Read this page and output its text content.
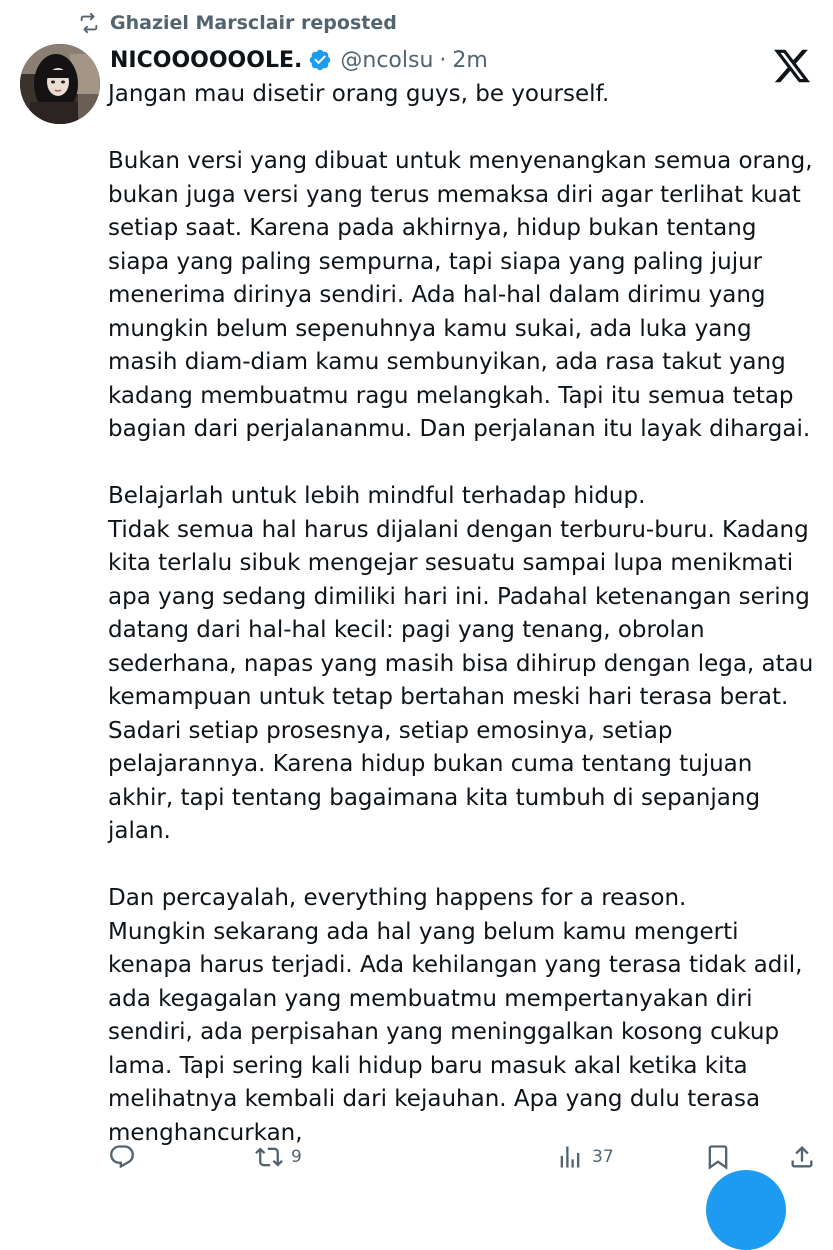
Ghaziel Marsclair reposted
NICOOOOOOLE. @ncolsu · 2m
Jangan mau disetir orang guys, be yourself.
Bukan versi yang dibuat untuk menyenangkan semua orang,
bukan juga versi yang terus memaksa diri agar terlihat kuat
setiap saat. Karena pada akhirnya, hidup bukan tentang
siapa yang paling sempurna, tapi siapa yang paling jujur
menerima dirinya sendiri. Ada hal-hal dalam dirimu yang
mungkin belum sepenuhnya kamu sukai, ada luka yang
masih diam-diam kamu sembunyikan, ada rasa takut yang
kadang membuatmu ragu melangkah. Tapi itu semua tetap
bagian dari perjalananmu. Dan perjalanan itu layak dihargai.
Belajarlah untuk lebih mindful terhadap hidup.
Tidak semua hal harus dijalani dengan terburu-buru. Kadang
kita terlalu sibuk mengejar sesuatu sampai lupa menikmati
apa yang sedang dimiliki hari ini. Padahal ketenangan sering
datang dari hal-hal kecil: pagi yang tenang, obrolan
sederhana, napas yang masih bisa dihirup dengan lega, atau
kemampuan untuk tetap bertahan meski hari terasa berat.
Sadari setiap prosesnya, setiap emosinya, setiap
pelajarannya. Karena hidup bukan cuma tentang tujuan
akhir, tapi tentang bagaimana kita tumbuh di sepanjang
jalan.
Dan percayalah, everything happens for a reason.
Mungkin sekarang ada hal yang belum kamu mengerti
kenapa harus terjadi. Ada kehilangan yang terasa tidak adil,
ada kegagalan yang membuatmu mempertanyakan diri
sendiri, ada perpisahan yang meninggalkan kosong cukup
lama. Tapi sering kali hidup baru masuk akal ketika kita
melihatnya kembali dari kejauhan. Apa yang dulu terasa
menghancurkan,
9	37
